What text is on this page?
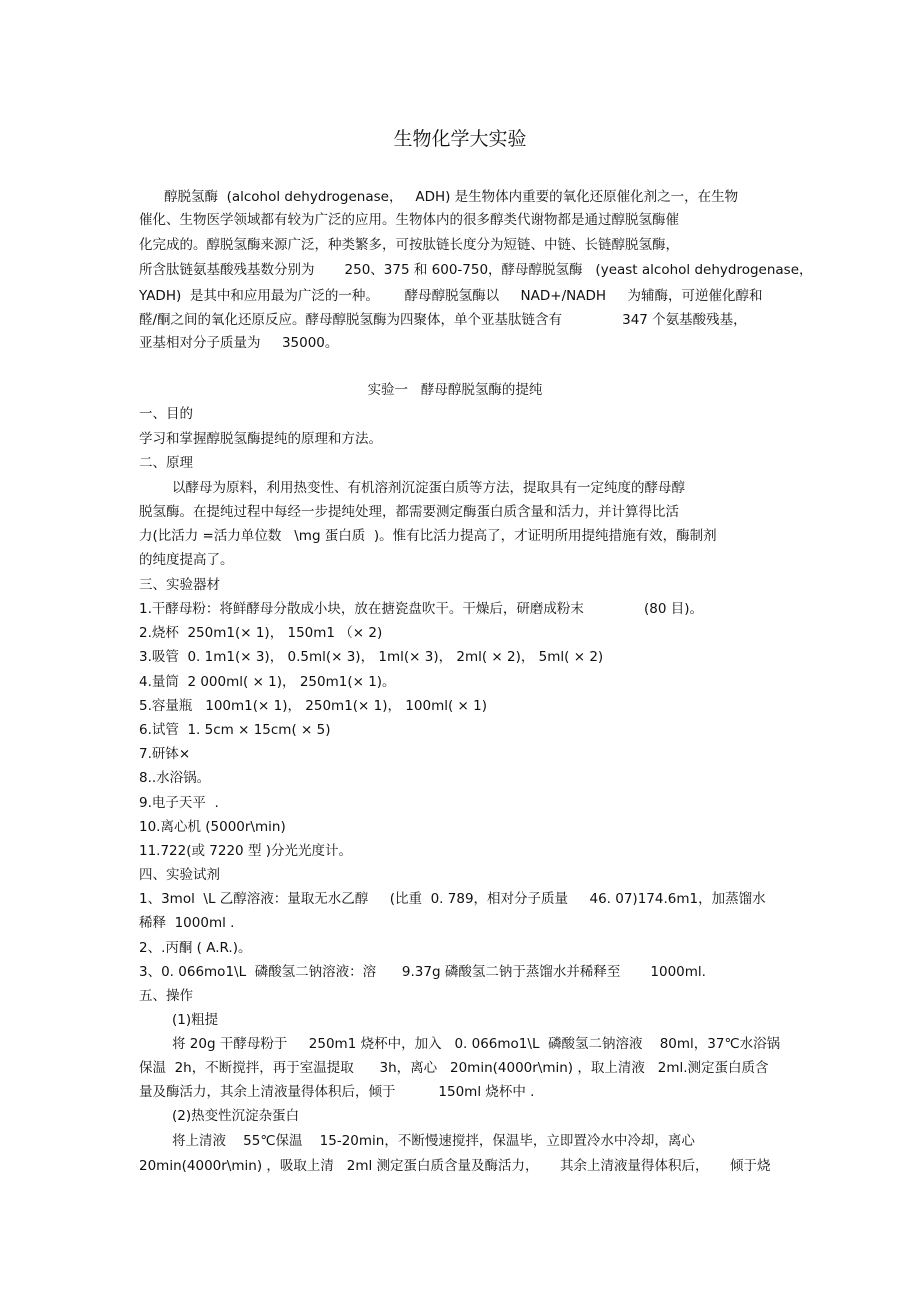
生物化学大实验
醇脱氢酶  (alcohol dehydrogenase，   ADH) 是生物体内重要的氧化还原催化剂之一，在生物
催化、生物医学领域都有较为广泛的应用。生物体内的很多醇类代谢物都是通过醇脱氢酶催
化完成的。醇脱氢酶来源广泛，种类繁多，可按肽链长度分为短链、中链、长链醇脱氢酶，
所含肽链氨基酸残基数分别为       250、375 和 600-750，酵母醇脱氢酶   (yeast alcohol dehydrogenase，
YADH)  是其中和应用最为广泛的一种。      酵母醇脱氢酶以     NAD+/NADH     为辅酶，可逆催化醇和
醛/酮之间的氧化还原反应。酵母醇脱氢酶为四聚体，单个亚基肽链含有              347 个氨基酸残基，
亚基相对分子质量为     35000。
实验一   酵母醇脱氢酶的提纯
一、目的
学习和掌握醇脱氢酶提纯的原理和方法。
二、原理
以酵母为原料，利用热变性、有机溶剂沉淀蛋白质等方法，提取具有一定纯度的酵母醇
脱氢酶。在提纯过程中每经一步提纯处理，都需要测定酶蛋白质含量和活力，并计算得比活
力(比活力 =活力单位数   \mg 蛋白质  )。惟有比活力提高了，才证明所用提纯措施有效，酶制剂
的纯度提高了。
三、实验器材
1.干酵母粉：将鲜酵母分散成小块，放在搪瓷盘吹干。干燥后，研磨成粉末              (80 目)。
2.烧杯  250m1(× 1)， 150m1 （× 2)
3.吸管  0. 1m1(× 3)， 0.5ml(× 3)， 1ml(× 3)， 2ml( × 2)， 5ml( × 2)
4.量筒  2 000ml( × 1)， 250m1(× 1)。
5.容量瓶   100m1(× 1)， 250m1(× 1)， 100ml( × 1)
6.试管  1. 5cm × 15cm( × 5)
7.研钵×
8..水浴锅。
9.电子天平  .
10.离心机 (5000r\min)
11.722(或 7220 型 )分光光度计。
四、实验试剂
1、3mol  \L 乙醇溶液：量取无水乙醇     (比重  0. 789，相对分子质量     46. 07)174.6m1，加蒸馏水
稀释  1000ml .
2、.丙酮 ( A.R.)。
3、0. 066mo1\L  磷酸氢二钠溶液：溶      9.37g 磷酸氢二钠于蒸馏水并稀释至       1000ml.
五、操作
(1)粗提
将 20g 干酵母粉于     250m1 烧杯中，加入   0. 066mo1\L  磷酸氢二钠溶液    80ml，37℃水浴锅
保温  2h，不断搅拌，再于室温提取      3h，离心   20min(4000r\min) ，取上清液   2ml.测定蛋白质含
量及酶活力，其余上清液量得体积后，倾于          150ml 烧杯中 .
(2)热变性沉淀杂蛋白
将上清液    55℃保温    15-20min，不断慢速搅拌，保温毕，立即置冷水中冷却，离心
20min(4000r\min) ，吸取上清   2ml 测定蛋白质含量及酶活力，     其余上清液量得体积后，     倾于烧
